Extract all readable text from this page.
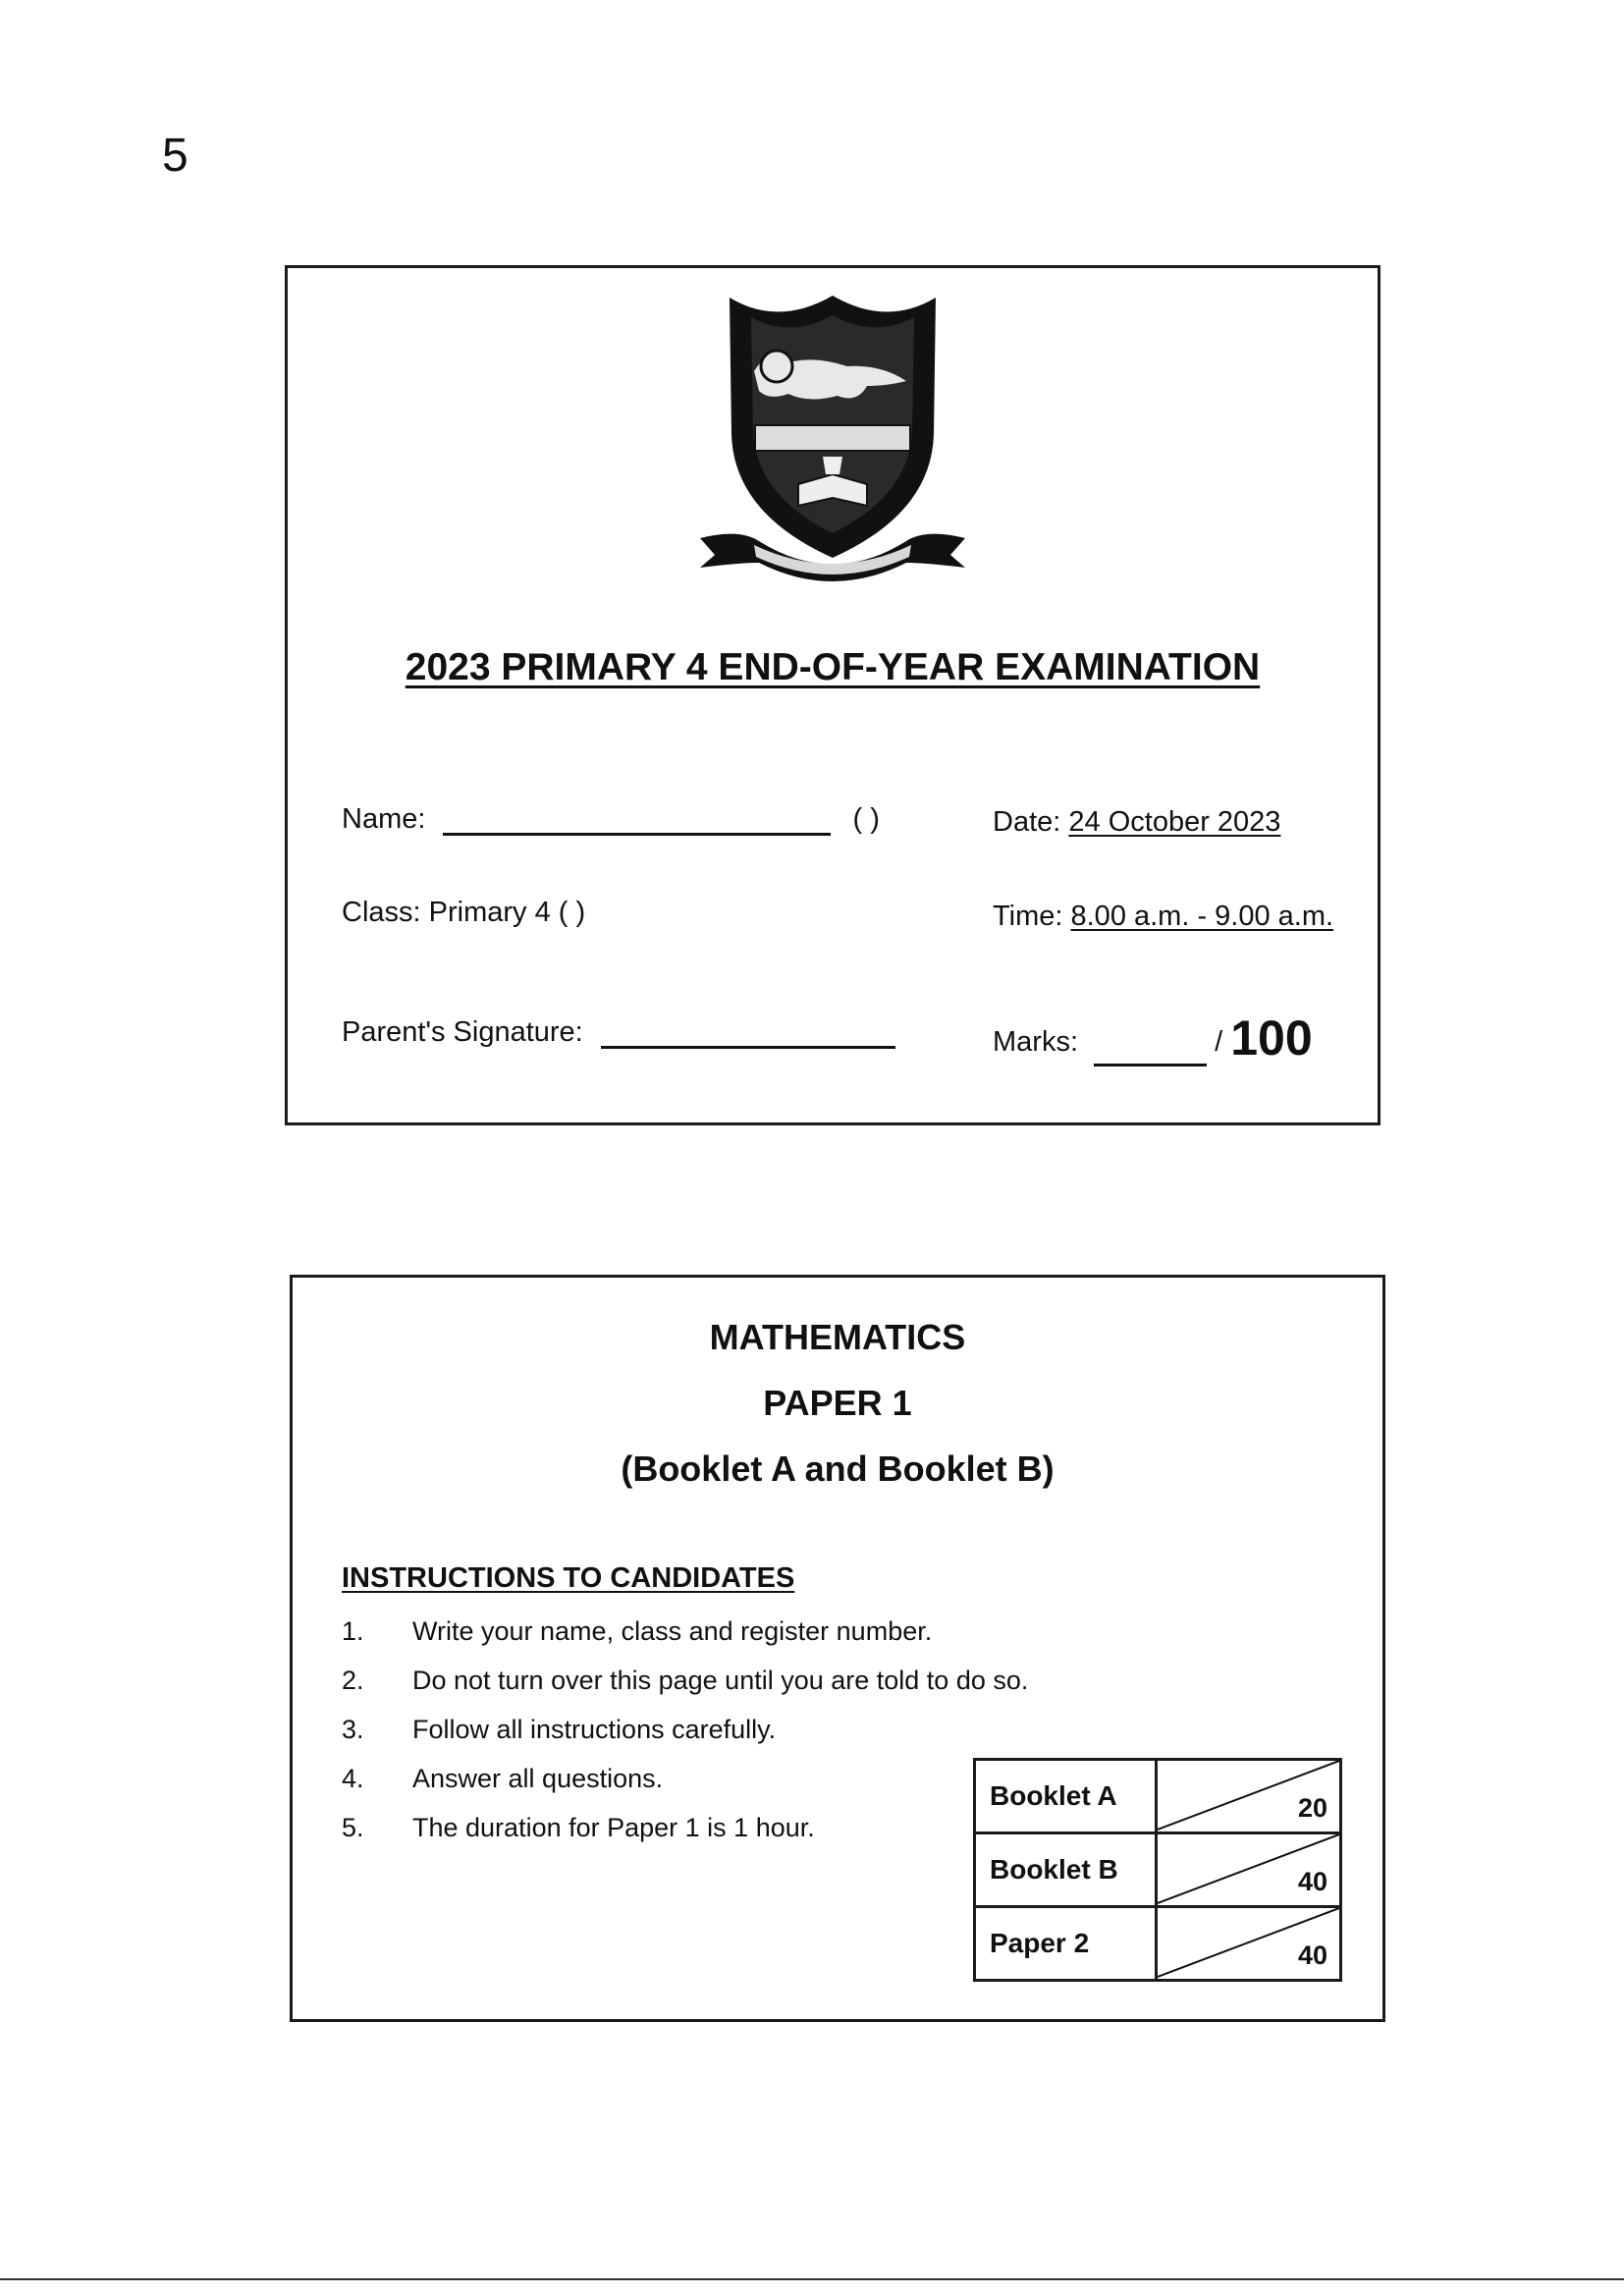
5
2023 PRIMARY 4 END-OF-YEAR EXAMINATION
Name:	( )	Date: 24 October 2023
Class: Primary 4 ( )	Time: 8.00 a.m. - 9.00 a.m.
Parent's Signature:	Marks:	/ 100
MATHEMATICS
PAPER 1
(Booklet A and Booklet B)
INSTRUCTIONS TO CANDIDATES
1.	Write your name, class and register number.
2.	Do not turn over this page until you are told to do so.
3.	Follow all instructions carefully.
4.	Answer all questions.
5.	The duration for Paper 1 is 1 hour.
Booklet A	20

Booklet B	40

Paper 2	40
